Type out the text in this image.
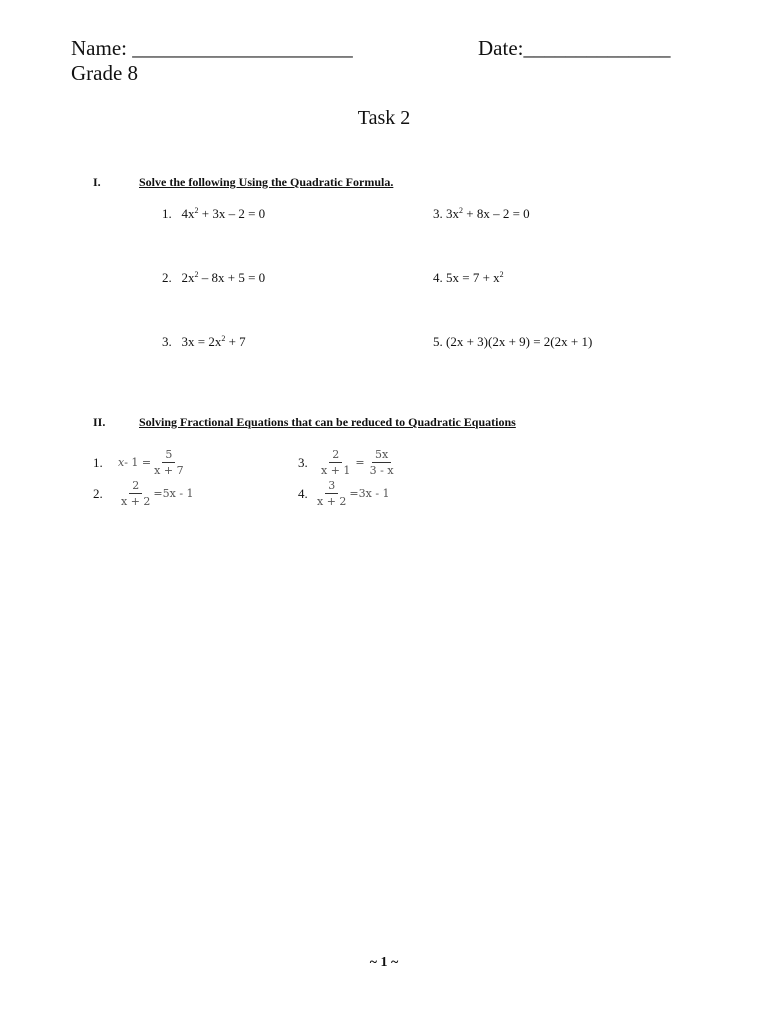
Name: _____________________	Date:______________
Grade 8
Task 2
I.	Solve the following Using the Quadratic Formula.
1. $4x^2 + 3x - 2 = 0$	3. $3x^2 + 8x - 2 = 0$
2. $2x^2 - 8x + 5 = 0$	4. $5x = 7 + x^2$
3. $3x = 2x^2 + 7$	5. (2x + 3)(2x + 9) = 2(2x + 1)
II.	Solving Fractional Equations that can be reduced to Quadratic Equations
1. $x - 1 = \frac{5}{x + 7}$	3. $\frac{2}{x + 1} = \frac{5x}{3 - x}$
2. $\frac{2}{x + 2} =5x - 1$	4. $\frac{3}{x + 2} =3x - 1$
~ 1 ~
